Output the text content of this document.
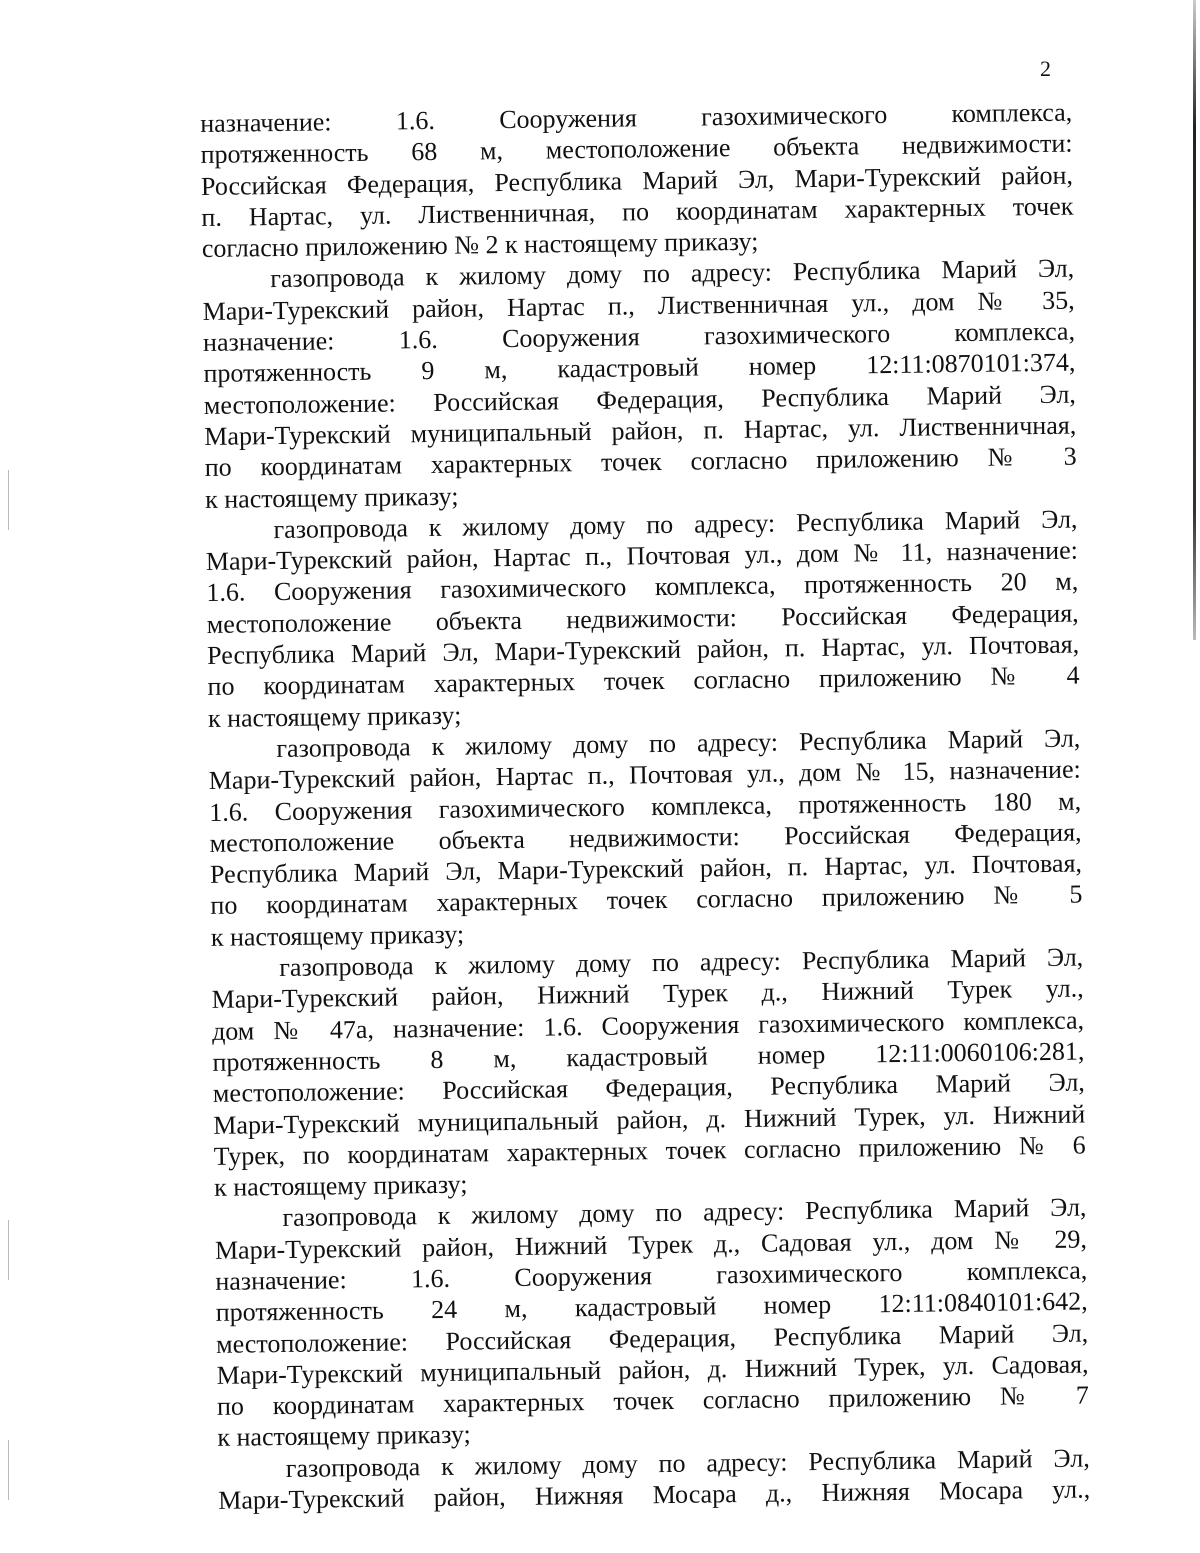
2
назначение: 1.6. Сооружения газохимического комплекса,
протяженность 68 м, местоположение объекта недвижимости:
Российская Федерация, Республика Марий Эл, Мари-Турекский район,
п. Нартас, ул. Лиственничная, по координатам характерных точек
согласно приложению № 2 к настоящему приказу;
газопровода к жилому дому по адресу: Республика Марий Эл,
Мари-Турекский район, Нартас п., Лиственничная ул., дом № 35,
назначение: 1.6. Сооружения газохимического комплекса,
протяженность 9 м, кадастровый номер 12:11:0870101:374,
местоположение: Российская Федерация, Республика Марий Эл,
Мари-Турекский муниципальный район, п. Нартас, ул. Лиственничная,
по координатам характерных точек согласно приложению № 3
к настоящему приказу;
газопровода к жилому дому по адресу: Республика Марий Эл,
Мари-Турекский район, Нартас п., Почтовая ул., дом № 11, назначение:
1.6. Сооружения газохимического комплекса, протяженность 20 м,
местоположение объекта недвижимости: Российская Федерация,
Республика Марий Эл, Мари-Турекский район, п. Нартас, ул. Почтовая,
по координатам характерных точек согласно приложению № 4
к настоящему приказу;
газопровода к жилому дому по адресу: Республика Марий Эл,
Мари-Турекский район, Нартас п., Почтовая ул., дом № 15, назначение:
1.6. Сооружения газохимического комплекса, протяженность 180 м,
местоположение объекта недвижимости: Российская Федерация,
Республика Марий Эл, Мари-Турекский район, п. Нартас, ул. Почтовая,
по координатам характерных точек согласно приложению № 5
к настоящему приказу;
газопровода к жилому дому по адресу: Республика Марий Эл,
Мари-Турекский район, Нижний Турек д., Нижний Турек ул.,
дом № 47а, назначение: 1.6. Сооружения газохимического комплекса,
протяженность 8 м, кадастровый номер 12:11:0060106:281,
местоположение: Российская Федерация, Республика Марий Эл,
Мари-Турекский муниципальный район, д. Нижний Турек, ул. Нижний
Турек, по координатам характерных точек согласно приложению № 6
к настоящему приказу;
газопровода к жилому дому по адресу: Республика Марий Эл,
Мари-Турекский район, Нижний Турек д., Садовая ул., дом № 29,
назначение: 1.6. Сооружения газохимического комплекса,
протяженность 24 м, кадастровый номер 12:11:0840101:642,
местоположение: Российская Федерация, Республика Марий Эл,
Мари-Турекский муниципальный район, д. Нижний Турек, ул. Садовая,
по координатам характерных точек согласно приложению № 7
к настоящему приказу;
газопровода к жилому дому по адресу: Республика Марий Эл,
Мари-Турекский район, Нижняя Мосара д., Нижняя Мосара ул.,
